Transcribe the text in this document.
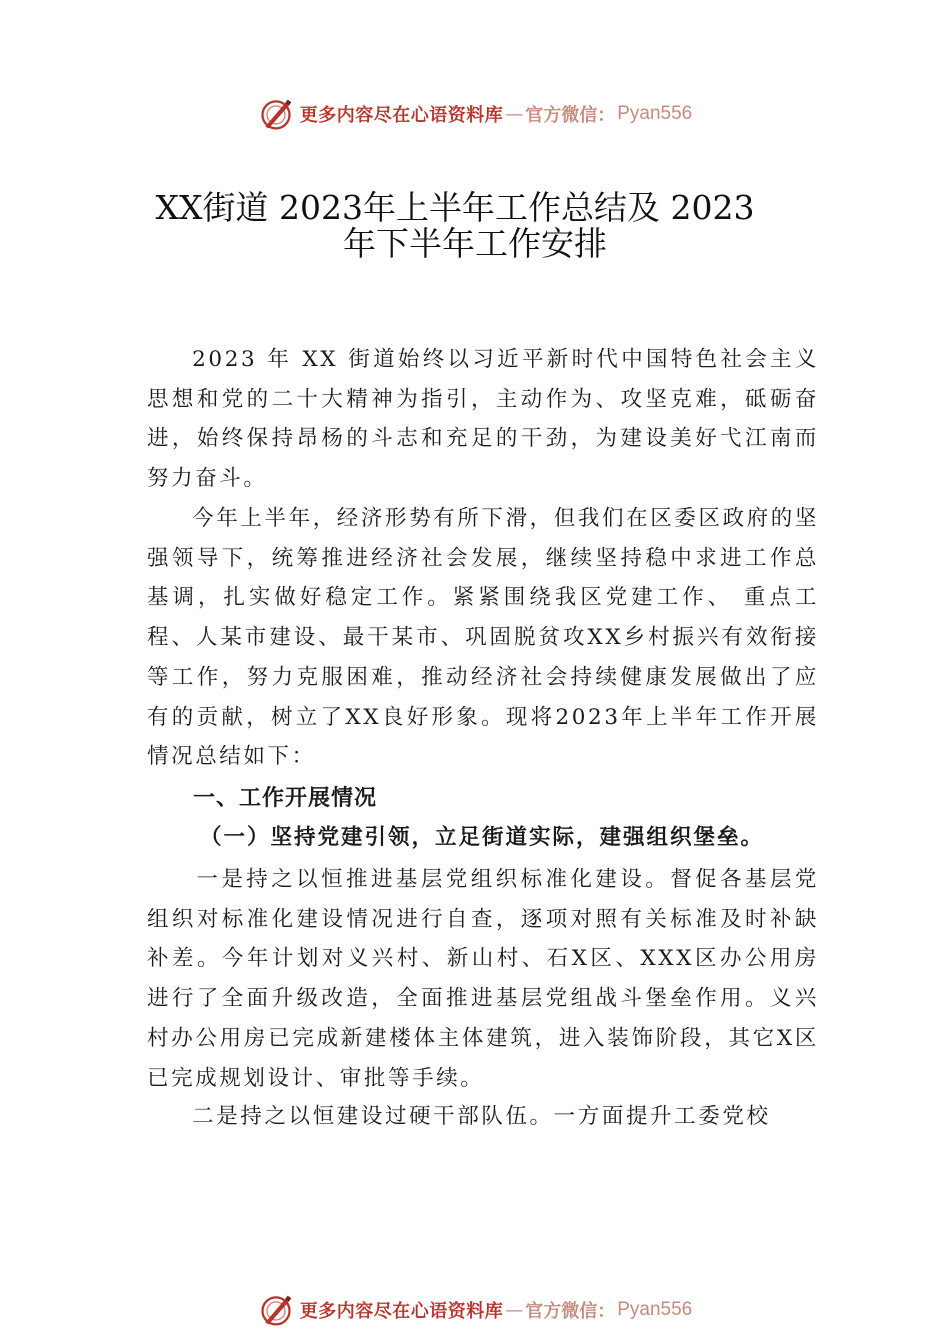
更多内容尽在心语资料库 — 官方微信： Pyan556
XX街道 2023年上半年工作总结及 2023
年下半年工作安排

2023 年 XX 街道始终以习近平新时代中国特色社会主义思想和党的二十大精神为指引，主动作为、攻坚克难，砥砺奋进，始终保持昂杨的斗志和充足的干劲，为建设美好弋江南而努力奋斗。

今年上半年，经济形势有所下滑，但我们在区委区政府的坚强领导下，统筹推进经济社会发展，继续坚持稳中求进工作总基调，扎实做好稳定工作。紧紧围绕我区党建工作、 重点工程、人某市建设、最干某市、巩固脱贫攻XX乡村振兴有效衔接等工作，努力克服困难，推动经济社会持续健康发展做出了应有的贡献，树立了XX良好形象。现将2023年上半年工作开展情况总结如下：

一、工作开展情况

（一）坚持党建引领，立足街道实际，建强组织堡垒。

一是持之以恒推进基层党组织标准化建设。督促各基层党组织对标准化建设情况进行自查，逐项对照有关标准及时补缺补差。今年计划对义兴村、新山村、石X区、XXX区办公用房进行了全面升级改造，全面推进基层党组战斗堡垒作用。义兴村办公用房已完成新建楼体主体建筑，进入装饰阶段，其它X区已完成规划设计、审批等手续。

二是持之以恒建设过硬干部队伍。一方面提升工委党校

更多内容尽在心语资料库 — 官方微信： Pyan556
